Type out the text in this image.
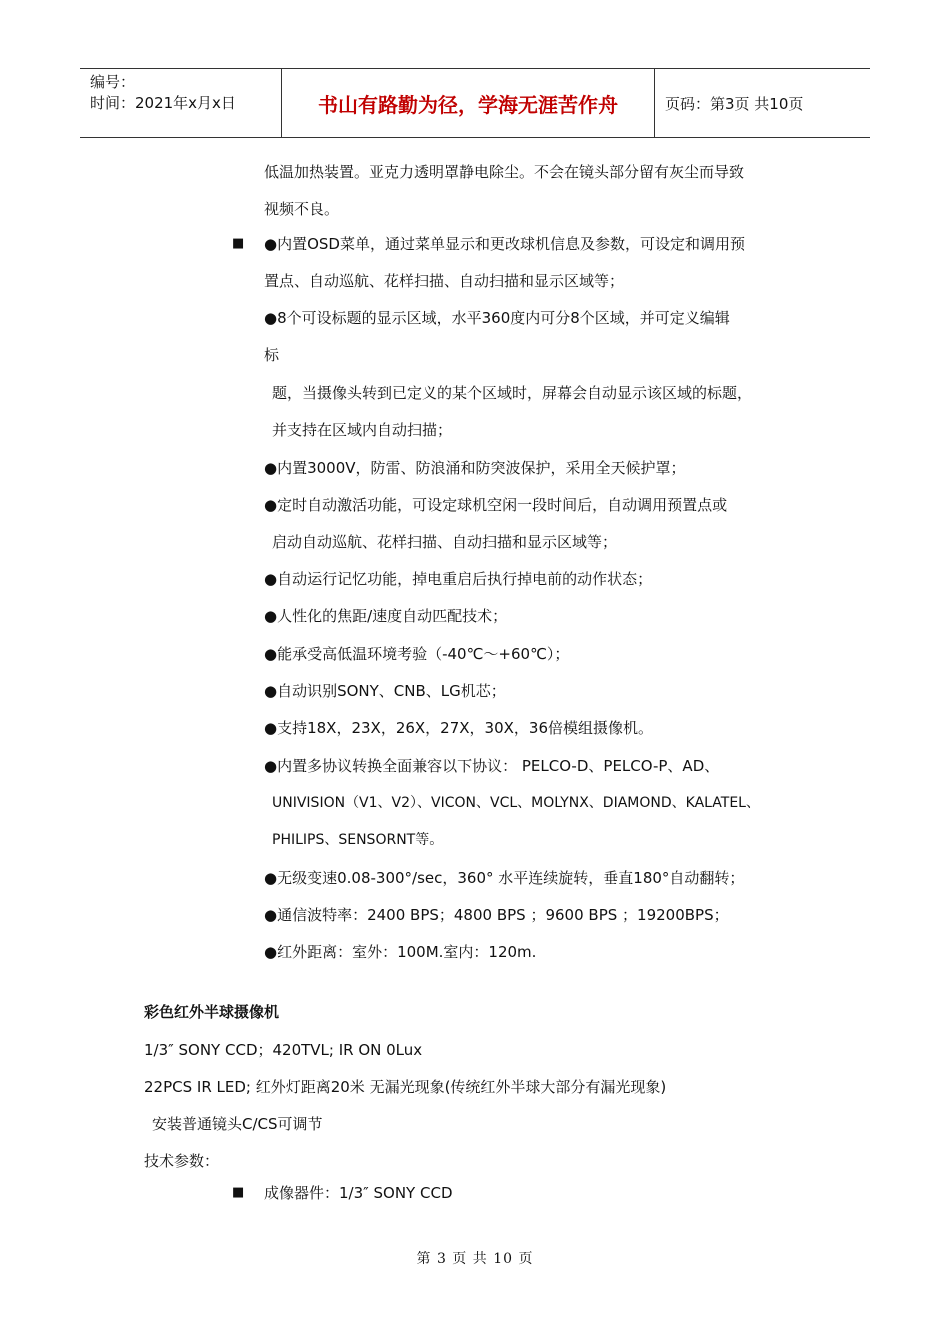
编号：
时间：2021年x月x日	书山有路勤为径，学海无涯苦作舟	页码：第3页 共10页
低温加热装置。亚克力透明罩静电除尘。不会在镜头部分留有灰尘而导致
视频不良。
■ ●内置OSD菜单，通过菜单显示和更改球机信息及参数，可设定和调用预
置点、自动巡航、花样扫描、自动扫描和显示区域等；
●8个可设标题的显示区域，水平360度内可分8个区域，并可定义编辑
标
题，当摄像头转到已定义的某个区域时，屏幕会自动显示该区域的标题，
并支持在区域内自动扫描；
●内置3000V，防雷、防浪涌和防突波保护，采用全天候护罩；
●定时自动激活功能，可设定球机空闲一段时间后，自动调用预置点或
启动自动巡航、花样扫描、自动扫描和显示区域等；
●自动运行记忆功能，掉电重启后执行掉电前的动作状态；
●人性化的焦距/速度自动匹配技术；
●能承受高低温环境考验（-40℃～+60℃）；
●自动识别SONY、CNB、LG机芯；
●支持18X，23X，26X，27X，30X，36倍模组摄像机。
●内置多协议转换全面兼容以下协议： PELCO-D、PELCO-P、AD、
UNIVISION（V1、V2）、VICON、VCL、MOLYNX、DIAMOND、KALATEL、
PHILIPS、SENSORNT等。
●无级变速0.08-300°/sec，360° 水平连续旋转，垂直180°自动翻转；
●通信波特率：2400 BPS；4800 BPS ；9600 BPS ；19200BPS；
●红外距离：室外：100M.室内：120m.
彩色红外半球摄像机
1/3″ SONY CCD；420TVL; IR ON 0Lux
22PCS IR LED; 红外灯距离20米 无漏光现象(传统红外半球大部分有漏光现象)
安装普通镜头C/CS可调节
技术参数：
■ 成像器件：1/3″ SONY CCD
第 3 页 共 10 页
